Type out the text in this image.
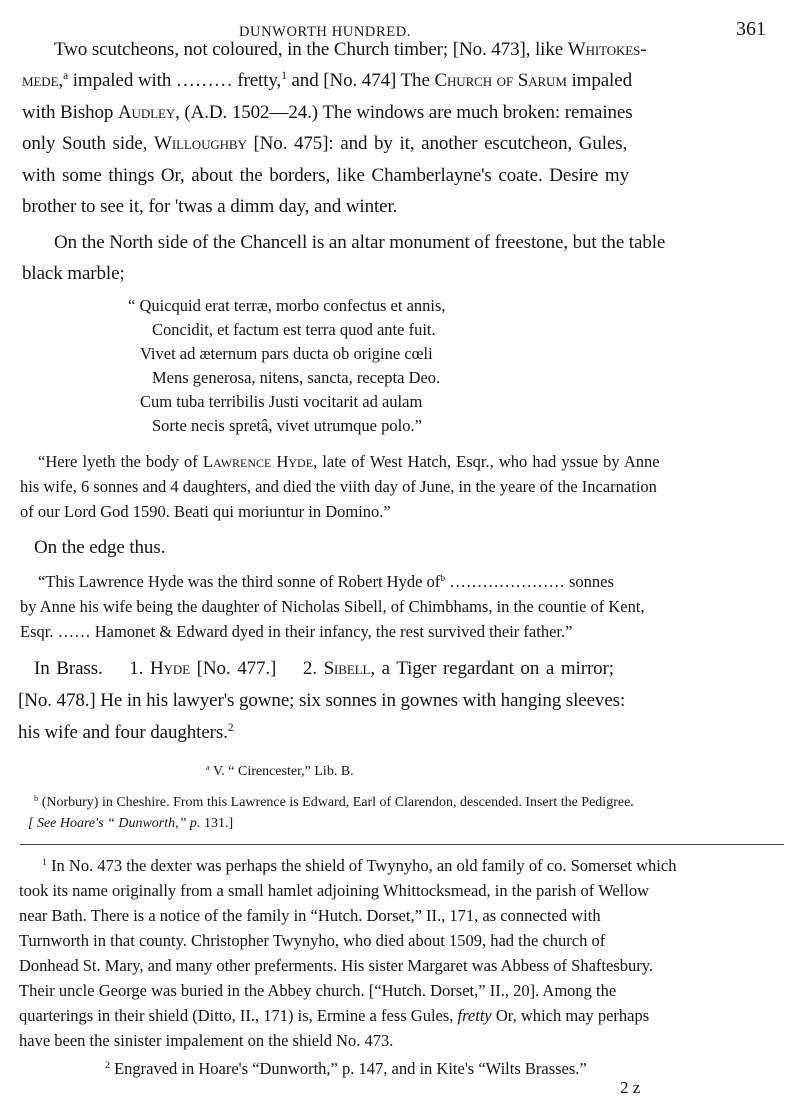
DUNWORTH HUNDRED.	361
Two scutcheons, not coloured, in the Church timber; [No. 473], like Whitokes-
mede,$^a$ impaled with ……… fretty,$^1$ and [No. 474] The Church of Sarum impaled
with Bishop Audley, (A.D. 1502—24.) The windows are much broken: remaines
only South side, Willoughby [No. 475]: and by it, another escutcheon, Gules,
with some things Or, about the borders, like Chamberlayne's coate. Desire my
brother to see it, for 'twas a dimm day, and winter.
On the North side of the Chancell is an altar monument of freestone, but the table
black marble;
“ Quicquid erat terræ, morbo confectus et annis,
Concidit, et factum est terra quod ante fuit.
Vivet ad æternum pars ducta ob origine cœli
Mens generosa, nitens, sancta, recepta Deo.
Cum tuba terribilis Justi vocitarit ad aulam
Sorte necis spretâ, vivet utrumque polo.”
“Here lyeth the body of Lawrence Hyde, late of West Hatch, Esqr., who had yssue by Anne
his wife, 6 sonnes and 4 daughters, and died the viith day of June, in the yeare of the Incarnation
of our Lord God 1590. Beati qui moriuntur in Domino.”
On the edge thus.
“This Lawrence Hyde was the third sonne of Robert Hyde $of^b$ ………………… sonnes
by Anne his wife being the daughter of Nicholas Sibell, of Chimbhams, in the countie of Kent,
Esqr. …… Hamonet & Edward dyed in their infancy, the rest survived their father.”
In Brass.    1. Hyde [No. 477.]    2. Sibell, a Tiger regardant on a mirror;
[No. 478.] He in his lawyer's gowne; six sonnes in gownes with hanging sleeves:
his wife and four daughters.$^2$
$^a$ V. “ Cirencester,” Lib. B.
$^b$ (Norbury) in Cheshire. From this Lawrence is Edward, Earl of Clarendon, descended. Insert the Pedigree.
[ See Hoare's “ Dunworth,” p. 131.]
$^1$ In No. 473 the dexter was perhaps the shield of Twynyho, an old family of co. Somerset which
took its name originally from a small hamlet adjoining Whittocksmead, in the parish of Wellow
near Bath. There is a notice of the family in “Hutch. Dorset,” II., 171, as connected with
Turnworth in that county. Christopher Twynyho, who died about 1509, had the church of
Donhead St. Mary, and many other preferments. His sister Margaret was Abbess of Shaftesbury.
Their uncle George was buried in the Abbey church. [“Hutch. Dorset,” II., 20]. Among the
quarterings in their shield (Ditto, II., 171) is, Ermine a fess Gules, fretty Or, which may perhaps
have been the sinister impalement on the shield No. 473.
$^2$ Engraved in Hoare's “Dunworth,” p. 147, and in Kite's “Wilts Brasses.”
2 z
